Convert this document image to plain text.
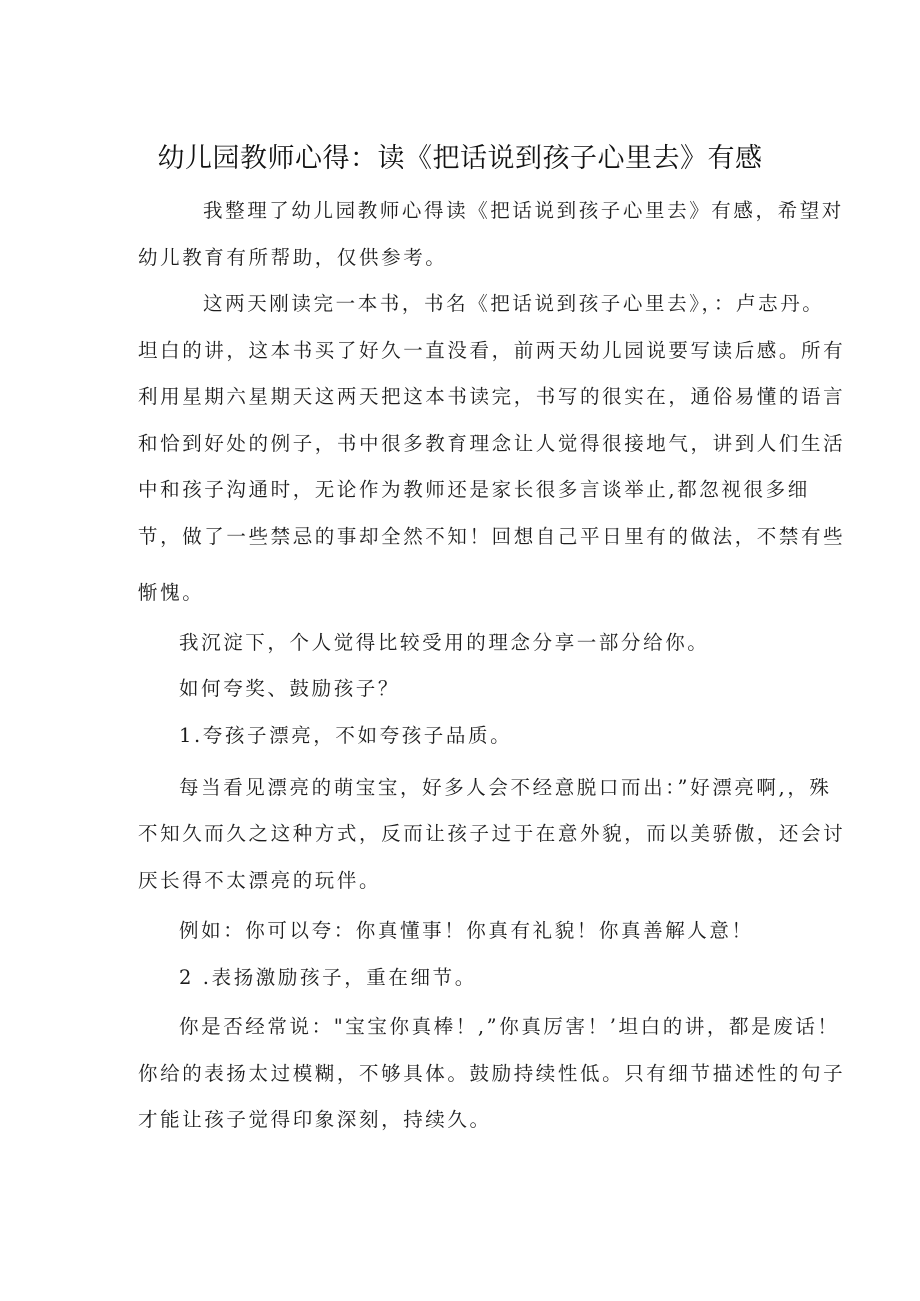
幼儿园教师心得：读《把话说到孩子心里去》有感
我整理了幼儿园教师心得读《把话说到孩子心里去》有感，希望对
幼儿教育有所帮助，仅供参考。
这两天刚读完一本书，书名《把话说到孩子心里去》，：卢志丹。
坦白的讲，这本书买了好久一直没看，前两天幼儿园说要写读后感。所有
利用星期六星期天这两天把这本书读完，书写的很实在，通俗易懂的语言
和恰到好处的例子，书中很多教育理念让人觉得很接地气，讲到人们生活
中和孩子沟通时，无论作为教师还是家长很多言谈举止,都忽视很多细
节，做了一些禁忌的事却全然不知！回想自己平日里有的做法，不禁有些
惭愧。
我沉淀下，个人觉得比较受用的理念分享一部分给你。
如何夸奖、鼓励孩子？
1.夸孩子漂亮，不如夸孩子品质。
每当看见漂亮的萌宝宝，好多人会不经意脱口而出：”好漂亮啊,，殊
不知久而久之这种方式，反而让孩子过于在意外貌，而以美骄傲，还会讨
厌长得不太漂亮的玩伴。
例如：你可以夸：你真懂事！你真有礼貌！你真善解人意！
2 .表扬激励孩子，重在细节。
你是否经常说："宝宝你真棒！,”你真厉害！’坦白的讲，都是废话！
你给的表扬太过模糊，不够具体。鼓励持续性低。只有细节描述性的句子
才能让孩子觉得印象深刻，持续久。
